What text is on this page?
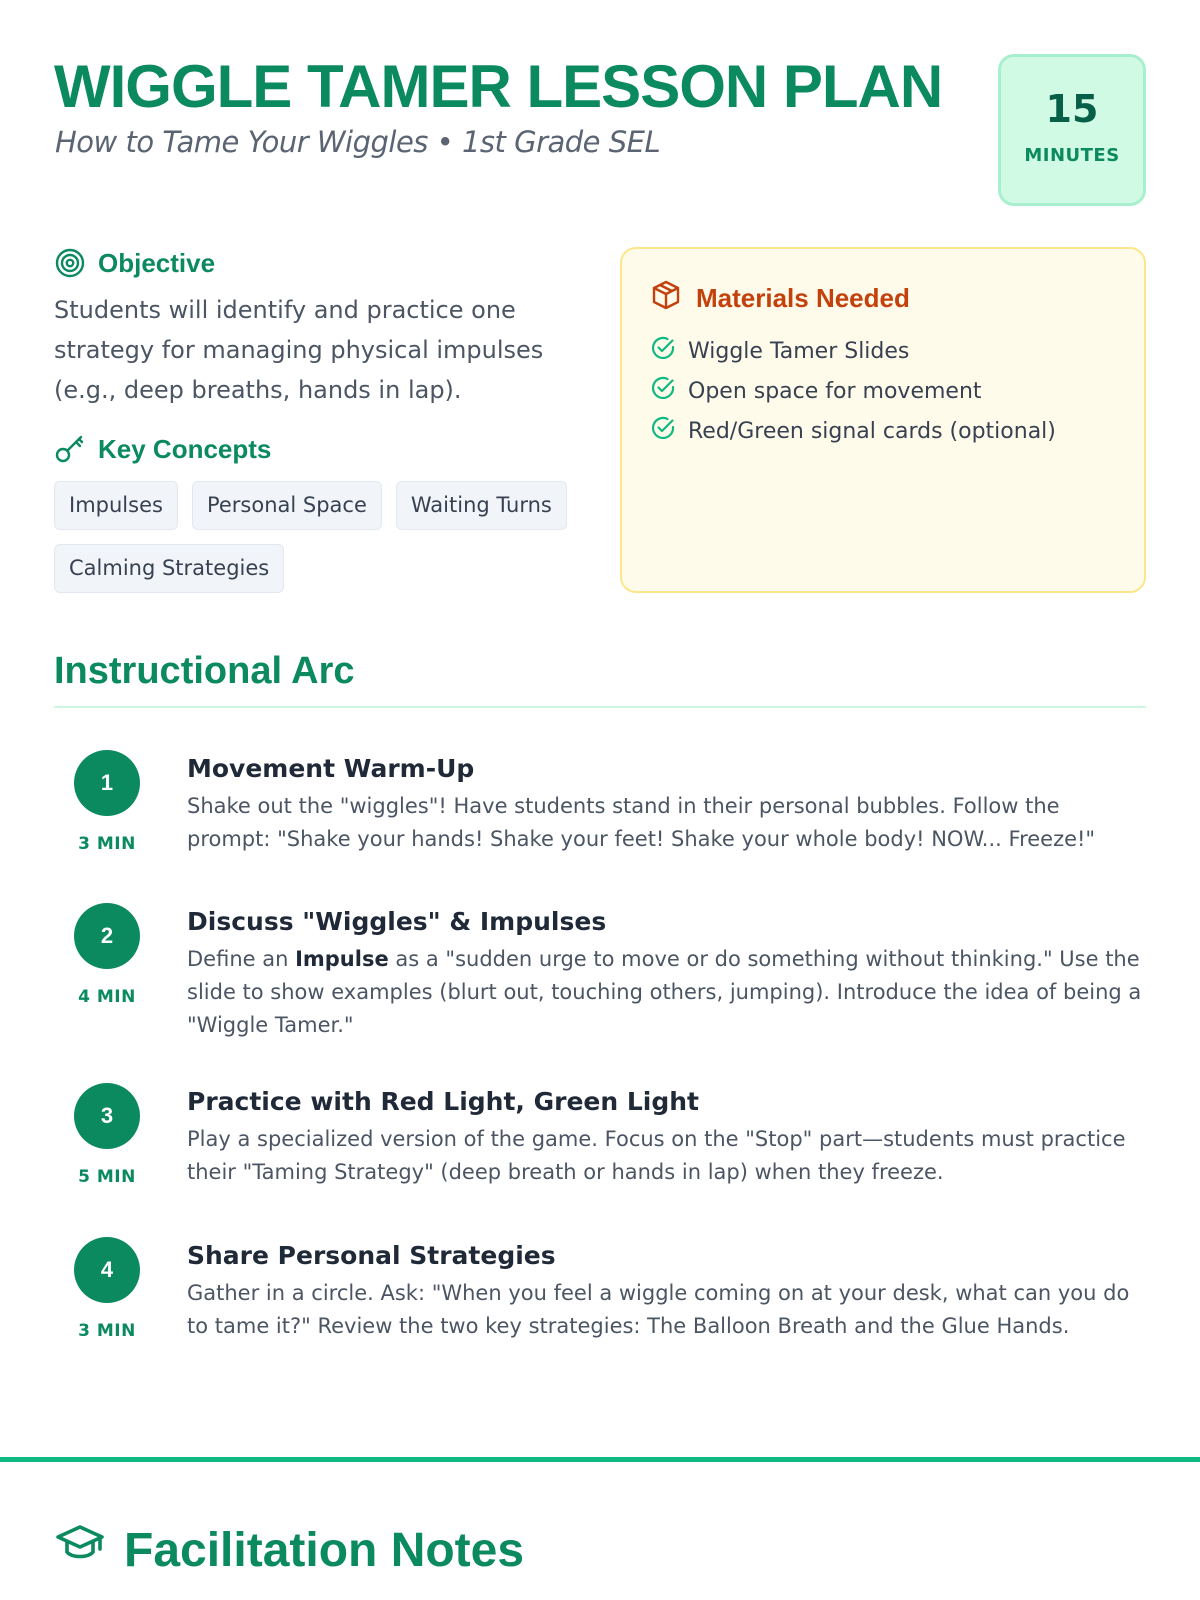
WIGGLE TAMER LESSON PLAN
How to Tame Your Wiggles • 1st Grade SEL
15
MINUTES
Objective

Students will identify and practice one strategy for managing physical impulses (e.g., deep breaths, hands in lap).

Key Concepts
Impulses	Personal Space	Waiting Turns
Calming Strategies
Materials Needed
Wiggle Tamer Slides
Open space for movement
Red/Green signal cards (optional)
Instructional Arc
1
3 MIN
Movement Warm-Up

Shake out the "wiggles"! Have students stand in their personal bubbles. Follow the prompt: "Shake your hands! Shake your feet! Shake your whole body! NOW... Freeze!"

2
4 MIN
Discuss "Wiggles" & Impulses

Define an Impulse as a "sudden urge to move or do something without thinking." Use the slide to show examples (blurt out, touching others, jumping). Introduce the idea of being a "Wiggle Tamer."

3
5 MIN
Practice with Red Light, Green Light

Play a specialized version of the game. Focus on the "Stop" part—students must practice their "Taming Strategy" (deep breath or hands in lap) when they freeze.

4
3 MIN
Share Personal Strategies

Gather in a circle. Ask: "When you feel a wiggle coming on at your desk, what can you do to tame it?" Review the two key strategies: The Balloon Breath and the Glue Hands.

Facilitation Notes
